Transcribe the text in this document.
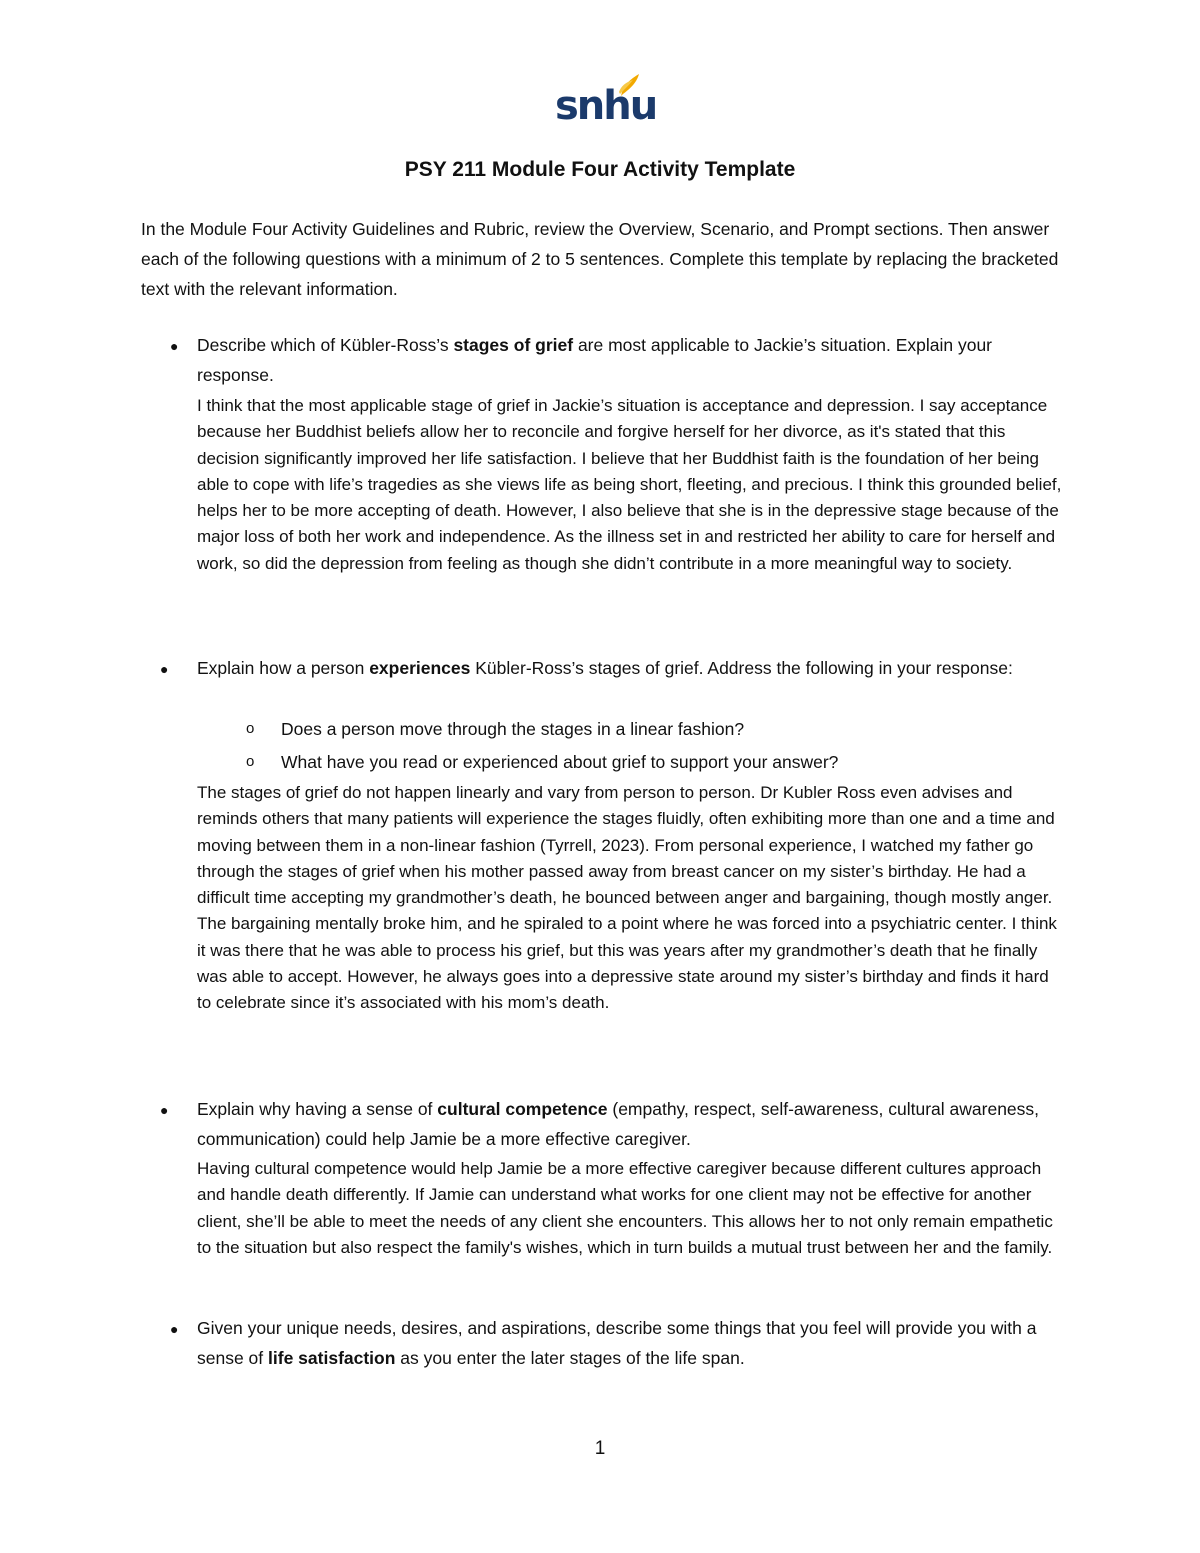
snhu
PSY 211 Module Four Activity Template

In the Module Four Activity Guidelines and Rubric, review the Overview, Scenario, and Prompt sections. Then answer each of the following questions with a minimum of 2 to 5 sentences. Complete this template by replacing the bracketed text with the relevant information.

● Describe which of Kübler-Ross’s stages of grief are most applicable to Jackie’s situation. Explain your response.

I think that the most applicable stage of grief in Jackie’s situation is acceptance and depression. I say acceptance because her Buddhist beliefs allow her to reconcile and forgive herself for her divorce, as it's stated that this decision significantly improved her life satisfaction. I believe that her Buddhist faith is the foundation of her being able to cope with life’s tragedies as she views life as being short, fleeting, and precious. I think this grounded belief, helps her to be more accepting of death. However, I also believe that she is in the depressive stage because of the major loss of both her work and independence. As the illness set in and restricted her ability to care for herself and work, so did the depression from feeling as though she didn’t contribute in a more meaningful way to society.

● Explain how a person experiences Kübler-Ross’s stages of grief. Address the following in your response:

o Does a person move through the stages in a linear fashion?

o What have you read or experienced about grief to support your answer?

The stages of grief do not happen linearly and vary from person to person. Dr Kubler Ross even advises and reminds others that many patients will experience the stages fluidly, often exhibiting more than one and a time and moving between them in a non-linear fashion (Tyrrell, 2023). From personal experience, I watched my father go through the stages of grief when his mother passed away from breast cancer on my sister’s birthday. He had a difficult time accepting my grandmother’s death, he bounced between anger and bargaining, though mostly anger. The bargaining mentally broke him, and he spiraled to a point where he was forced into a psychiatric center. I think it was there that he was able to process his grief, but this was years after my grandmother’s death that he finally was able to accept. However, he always goes into a depressive state around my sister’s birthday and finds it hard to celebrate since it’s associated with his mom’s death.

● Explain why having a sense of cultural competence (empathy, respect, self-awareness, cultural awareness, communication) could help Jamie be a more effective caregiver.

Having cultural competence would help Jamie be a more effective caregiver because different cultures approach and handle death differently. If Jamie can understand what works for one client may not be effective for another client, she’ll be able to meet the needs of any client she encounters. This allows her to not only remain empathetic to the situation but also respect the family's wishes, which in turn builds a mutual trust between her and the family.

● Given your unique needs, desires, and aspirations, describe some things that you feel will provide you with a sense of life satisfaction as you enter the later stages of the life span.

1
